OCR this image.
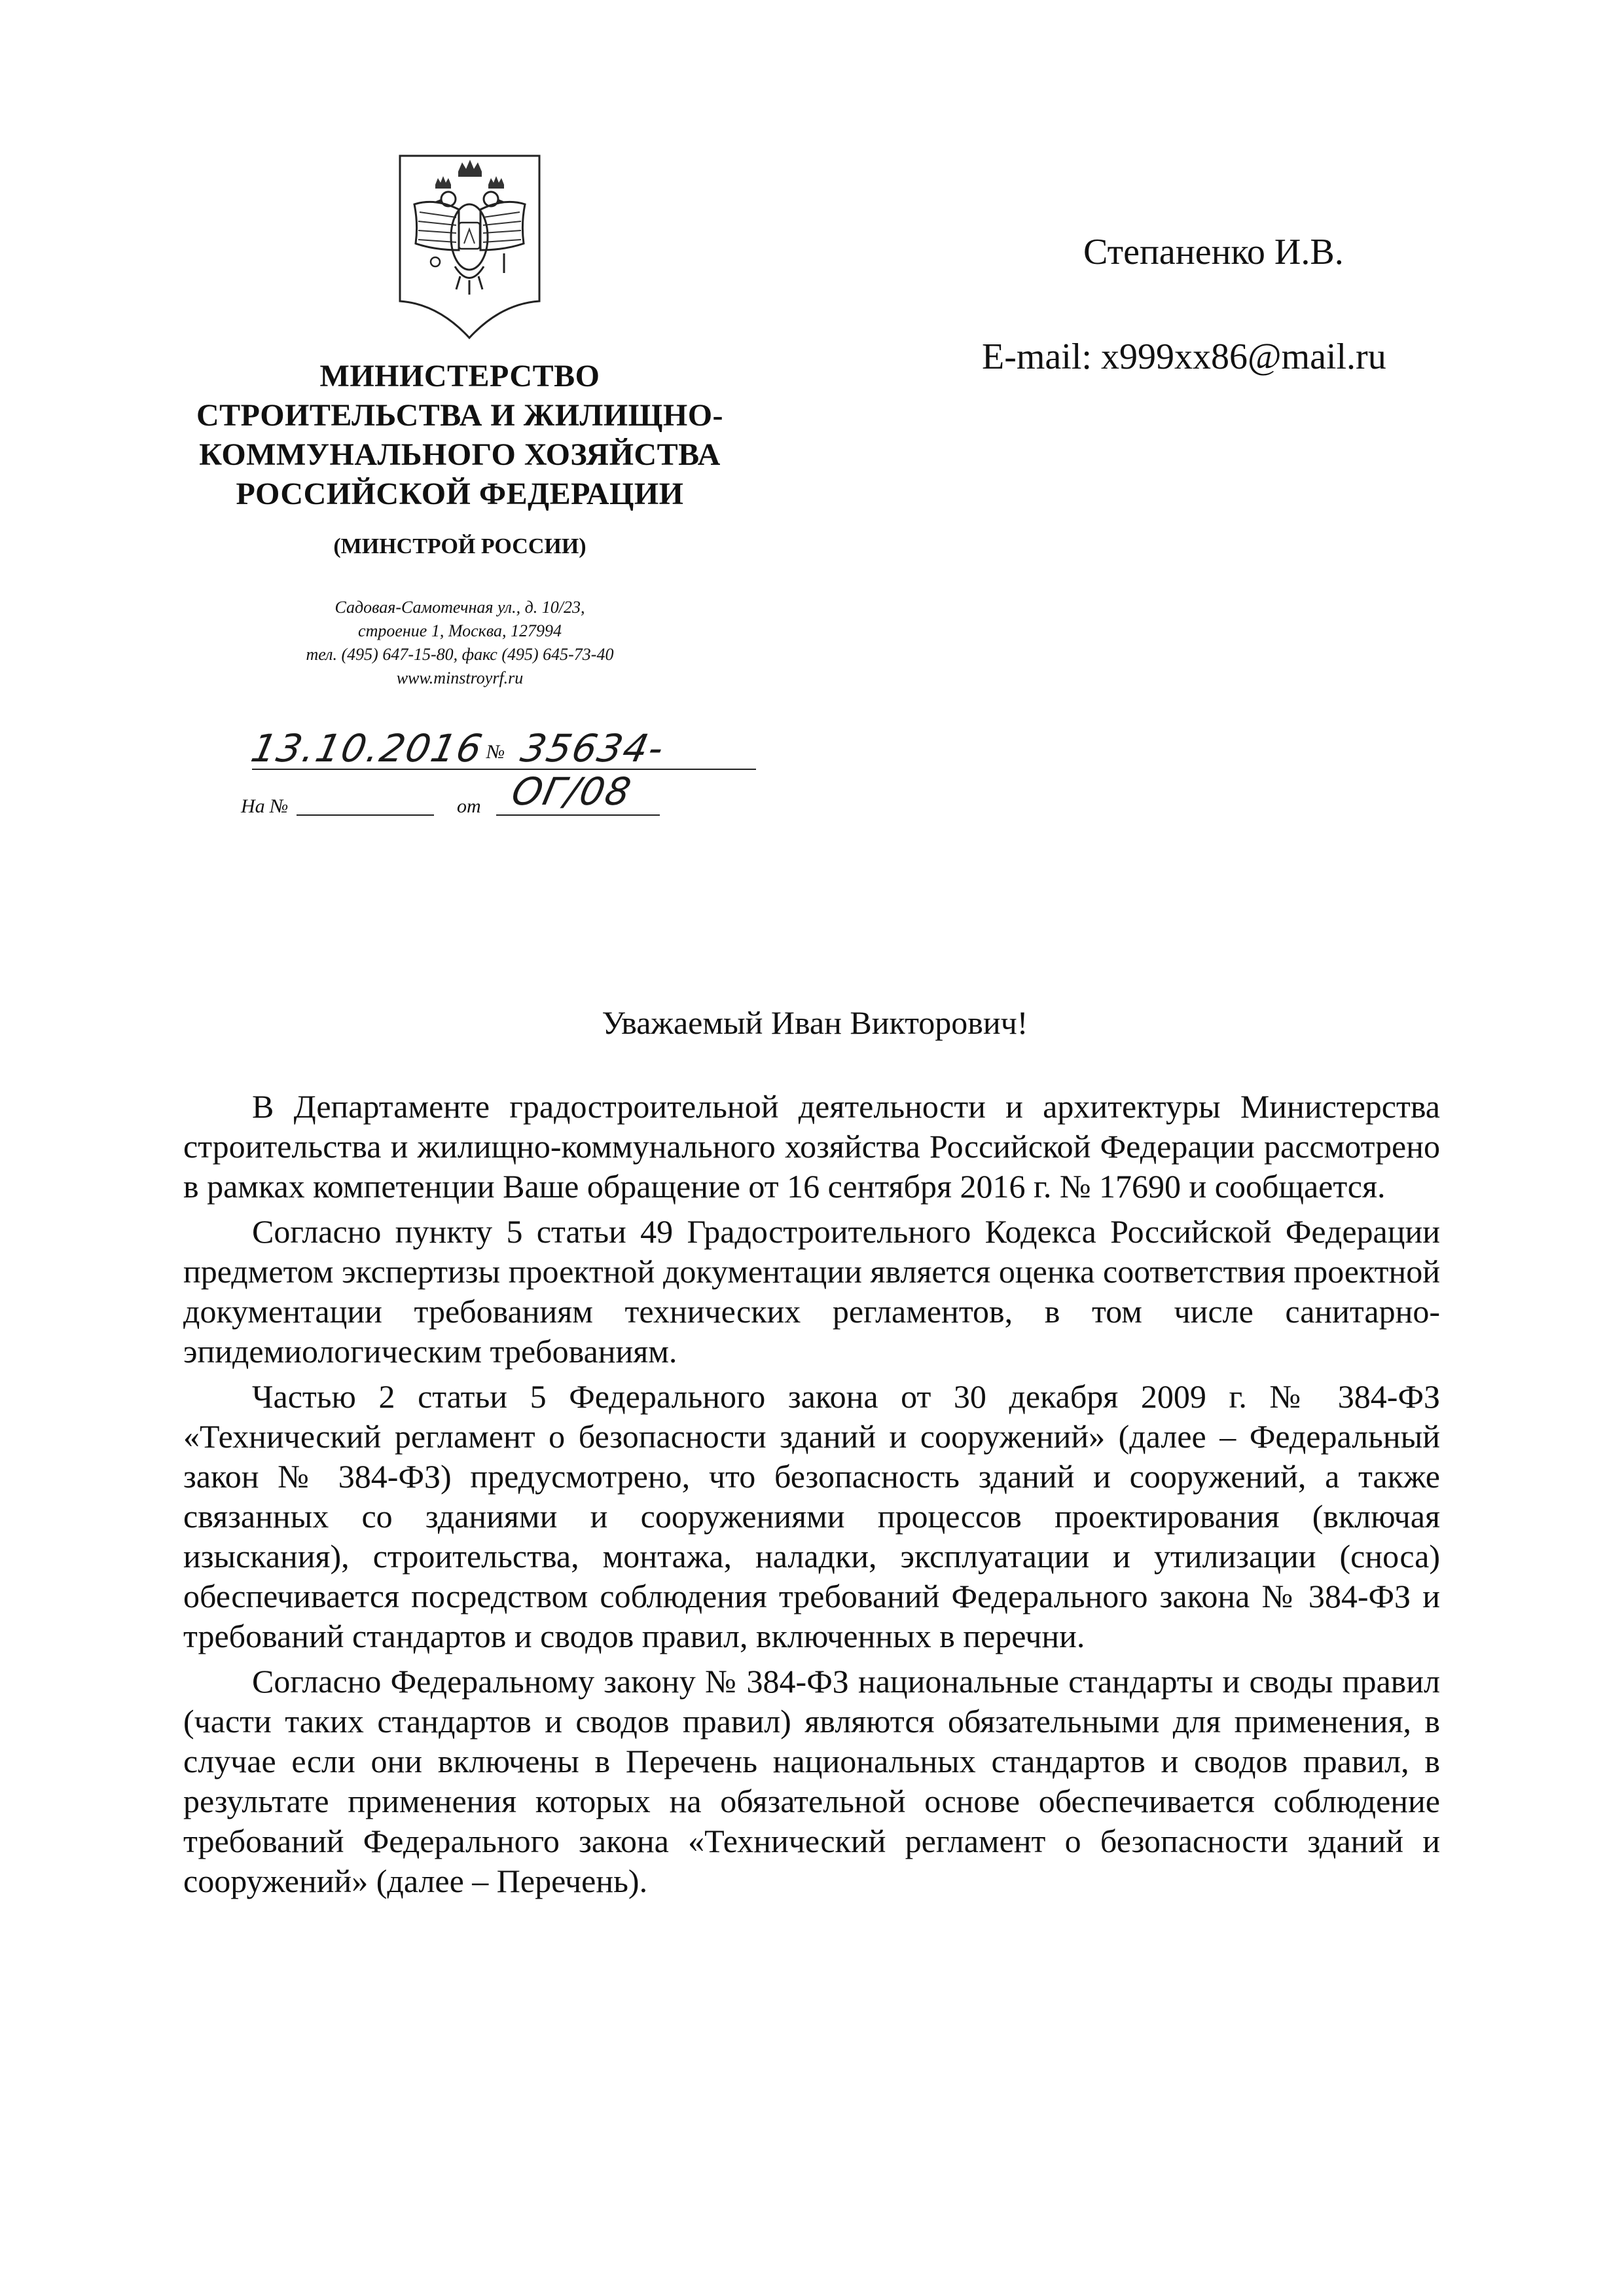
МИНИСТЕРСТВО
СТРОИТЕЛЬСТВА И ЖИЛИЩНО-
КОММУНАЛЬНОГО ХОЗЯЙСТВА
РОССИЙСКОЙ ФЕДЕРАЦИИ
(МИНСТРОЙ РОССИИ)
Садовая-Самотечная ул., д. 10/23,
строение 1, Москва, 127994
тел. (495) 647-15-80, факс (495) 645-73-40
www.minstroyrf.ru
13.10.2016
№ 35634-ОГ/08
На №	от
Степаненко И.В.
E-mail: x999xx86@mail.ru
Уважаемый Иван Викторович!

В Департаменте градостроительной деятельности и архитектуры Министерства строительства и жилищно-коммунального хозяйства Российской Федерации рассмотрено в рамках компетенции Ваше обращение от 16 сентября 2016 г. № 17690 и сообщается.

Согласно пункту 5 статьи 49 Градостроительного Кодекса Российской Федерации предметом экспертизы проектной документации является оценка соответствия проектной документации требованиям технических регламентов, в том числе санитарно- эпидемиологическим требованиям.

Частью 2 статьи 5 Федерального закона от 30 декабря 2009 г. № 384-ФЗ «Технический регламент о безопасности зданий и сооружений» (далее – Федеральный закон № 384-ФЗ) предусмотрено, что безопасность зданий и сооружений, а также связанных со зданиями и сооружениями процессов проектирования (включая изыскания), строительства, монтажа, наладки, эксплуатации и утилизации (сноса) обеспечивается посредством соблюдения требований Федерального закона № 384-ФЗ и требований стандартов и сводов правил, включенных в перечни.

Согласно Федеральному закону № 384-ФЗ национальные стандарты и своды правил (части таких стандартов и сводов правил) являются обязательными для применения, в случае если они включены в Перечень национальных стандартов и сводов правил, в результате применения которых на обязательной основе обеспечивается соблюдение требований Федерального закона «Технический регламент о безопасности зданий и сооружений» (далее – Перечень).
